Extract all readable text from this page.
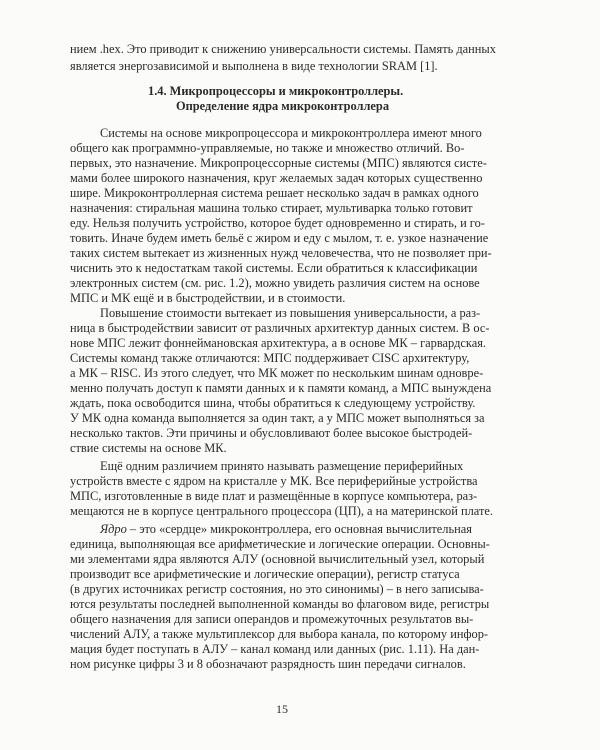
нием .hex. Это приводит к снижению универсальности системы. Память данных
является энергозависимой и выполнена в виде технологии SRAM [1].
1.4. Микропроцессоры и микроконтроллеры.
Определение ядра микроконтроллера
Системы на основе микропроцессора и микроконтроллера имеют много
общего как программно-управляемые, но также и множество отличий. Во-
первых, это назначение. Микропроцессорные системы (МПС) являются систе-
мами более широкого назначения, круг желаемых задач которых существенно
шире. Микроконтроллерная система решает несколько задач в рамках одного
назначения: стиральная машина только стирает, мультиварка только готовит
еду. Нельзя получить устройство, которое будет одновременно и стирать, и го-
товить. Иначе будем иметь бельё с жиром и еду с мылом, т. е. узкое назначение
таких систем вытекает из жизненных нужд человечества, что не позволяет при-
чиснить это к недостаткам такой системы. Если обратиться к классификации
электронных систем (см. рис. 1.2), можно увидеть различия систем на основе
МПС и МК ещё и в быстродействии, и в стоимости.
Повышение стоимости вытекает из повышения универсальности, а раз-
ница в быстродействии зависит от различных архитектур данных систем. В ос-
нове МПС лежит фоннеймановская архитектура, а в основе МК – гарвардская.
Системы команд также отличаются: МПС поддерживает CISC архитектуру,
а МК – RISC. Из этого следует, что МК может по нескольким шинам одновре-
менно получать доступ к памяти данных и к памяти команд, а МПС вынуждена
ждать, пока освободится шина, чтобы обратиться к следующему устройству.
У МК одна команда выполняется за один такт, а у МПС может выполняться за
несколько тактов. Эти причины и обусловливают более высокое быстродей-
ствие системы на основе МК.
Ещё одним различием принято называть размещение периферийных
устройств вместе с ядром на кристалле у МК. Все периферийные устройства
МПС, изготовленные в виде плат и размещённые в корпусе компьютера, раз-
мещаются не в корпусе центрального процессора (ЦП), а на материнской плате.
Ядро – это «сердце» микроконтроллера, его основная вычислительная
единица, выполняющая все арифметические и логические операции. Основны-
ми элементами ядра являются АЛУ (основной вычислительный узел, который
производит все арифметические и логические операции), регистр статуса
(в других источниках регистр состояния, но это синонимы) – в него записыва-
ются результаты последней выполненной команды во флаговом виде, регистры
общего назначения для записи операндов и промежуточных результатов вы-
числений АЛУ, а также мультиплексор для выбора канала, по которому инфор-
мация будет поступать в АЛУ – канал команд или данных (рис. 1.11). На дан-
ном рисунке цифры 3 и 8 обозначают разрядность шин передачи сигналов.
15
